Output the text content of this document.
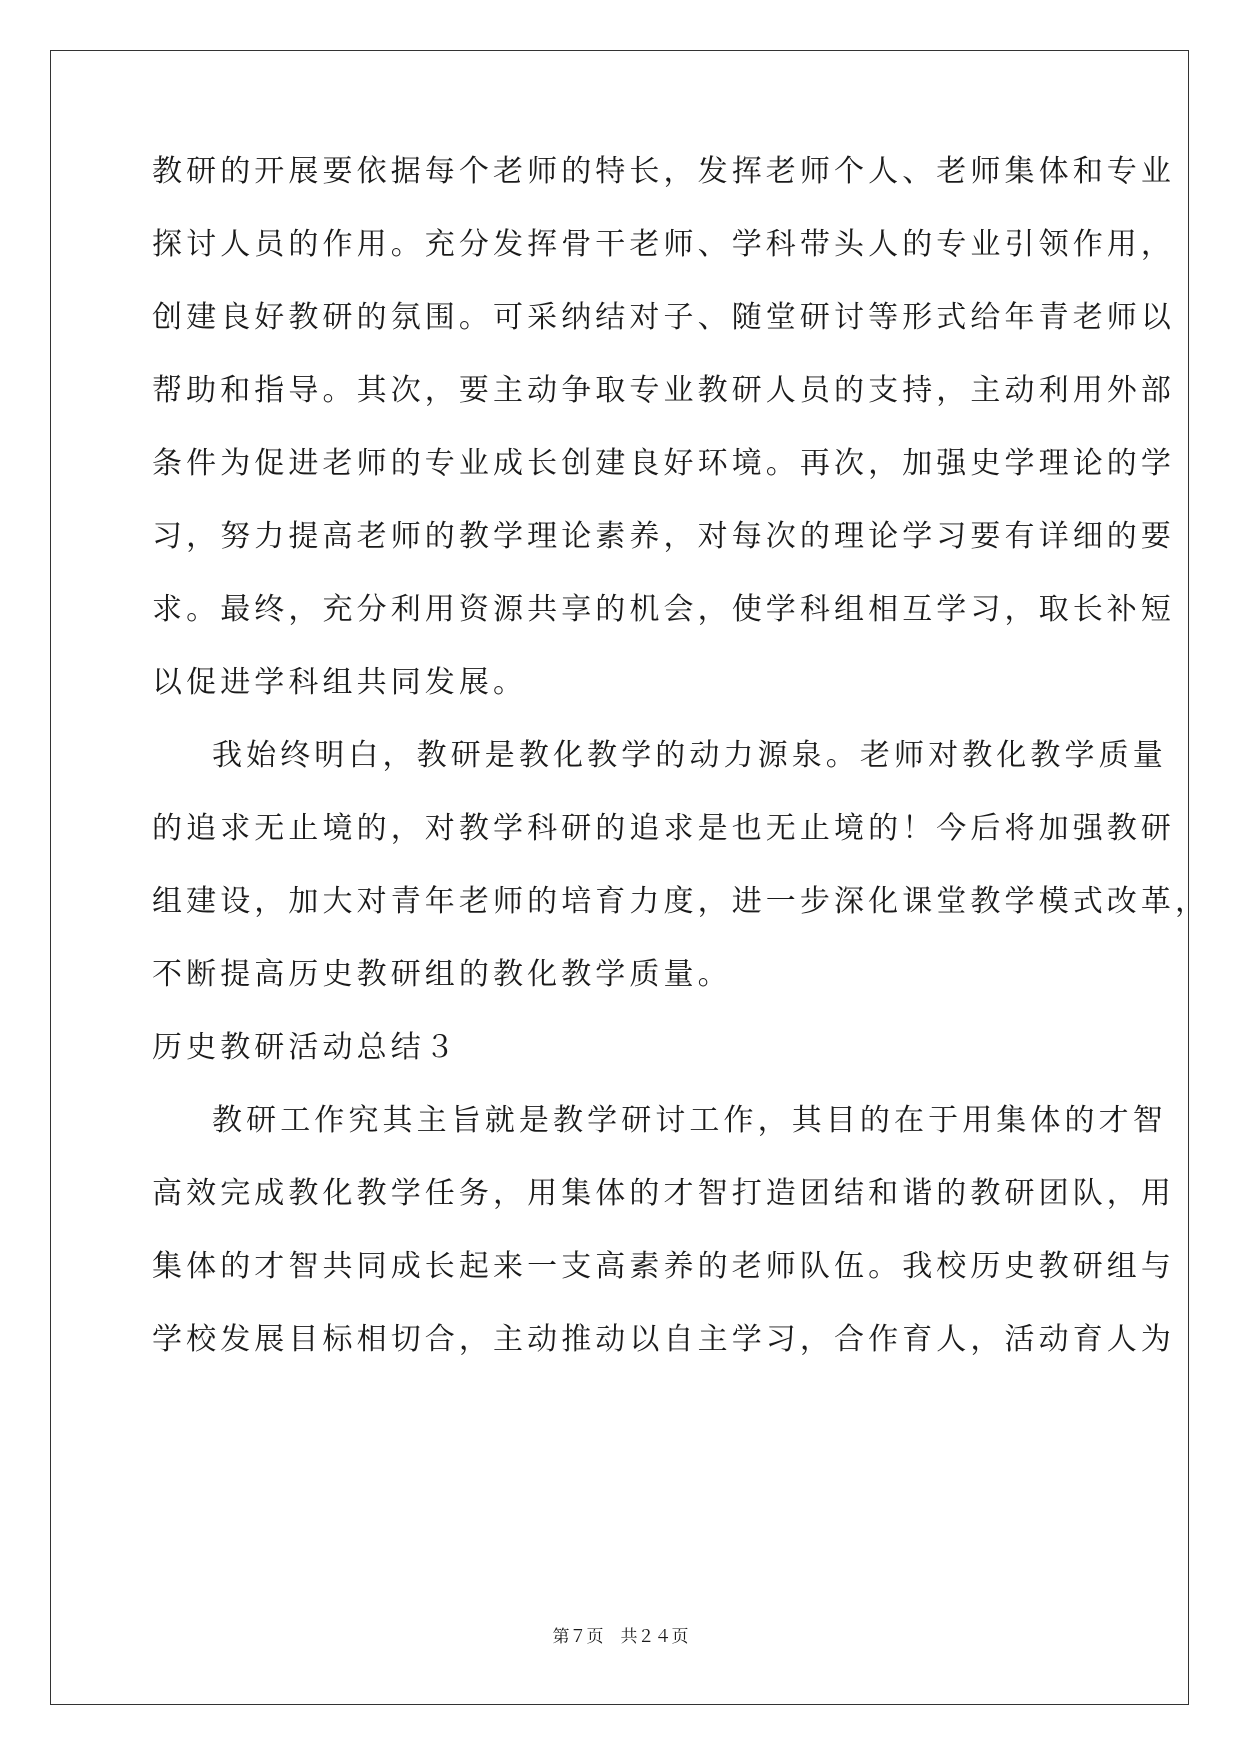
教研的开展要依据每个老师的特长，发挥老师个人、老师集体和专业
探讨人员的作用。充分发挥骨干老师、学科带头人的专业引领作用，
创建良好教研的氛围。可采纳结对子、随堂研讨等形式给年青老师以
帮助和指导。其次，要主动争取专业教研人员的支持，主动利用外部
条件为促进老师的专业成长创建良好环境。再次，加强史学理论的学
习，努力提高老师的教学理论素养，对每次的理论学习要有详细的要
求。最终，充分利用资源共享的机会，使学科组相互学习，取长补短
以促进学科组共同发展。
我始终明白，教研是教化教学的动力源泉。老师对教化教学质量
的追求无止境的，对教学科研的追求是也无止境的！今后将加强教研
组建设，加大对青年老师的培育力度，进一步深化课堂教学模式改革，
不断提高历史教研组的教化教学质量。
历史教研活动总结３
教研工作究其主旨就是教学研讨工作，其目的在于用集体的才智
高效完成教化教学任务，用集体的才智打造团结和谐的教研团队，用
集体的才智共同成长起来一支高素养的老师队伍。我校历史教研组与
学校发展目标相切合，主动推动以自主学习，合作育人，活动育人为
第７页　共２４页
